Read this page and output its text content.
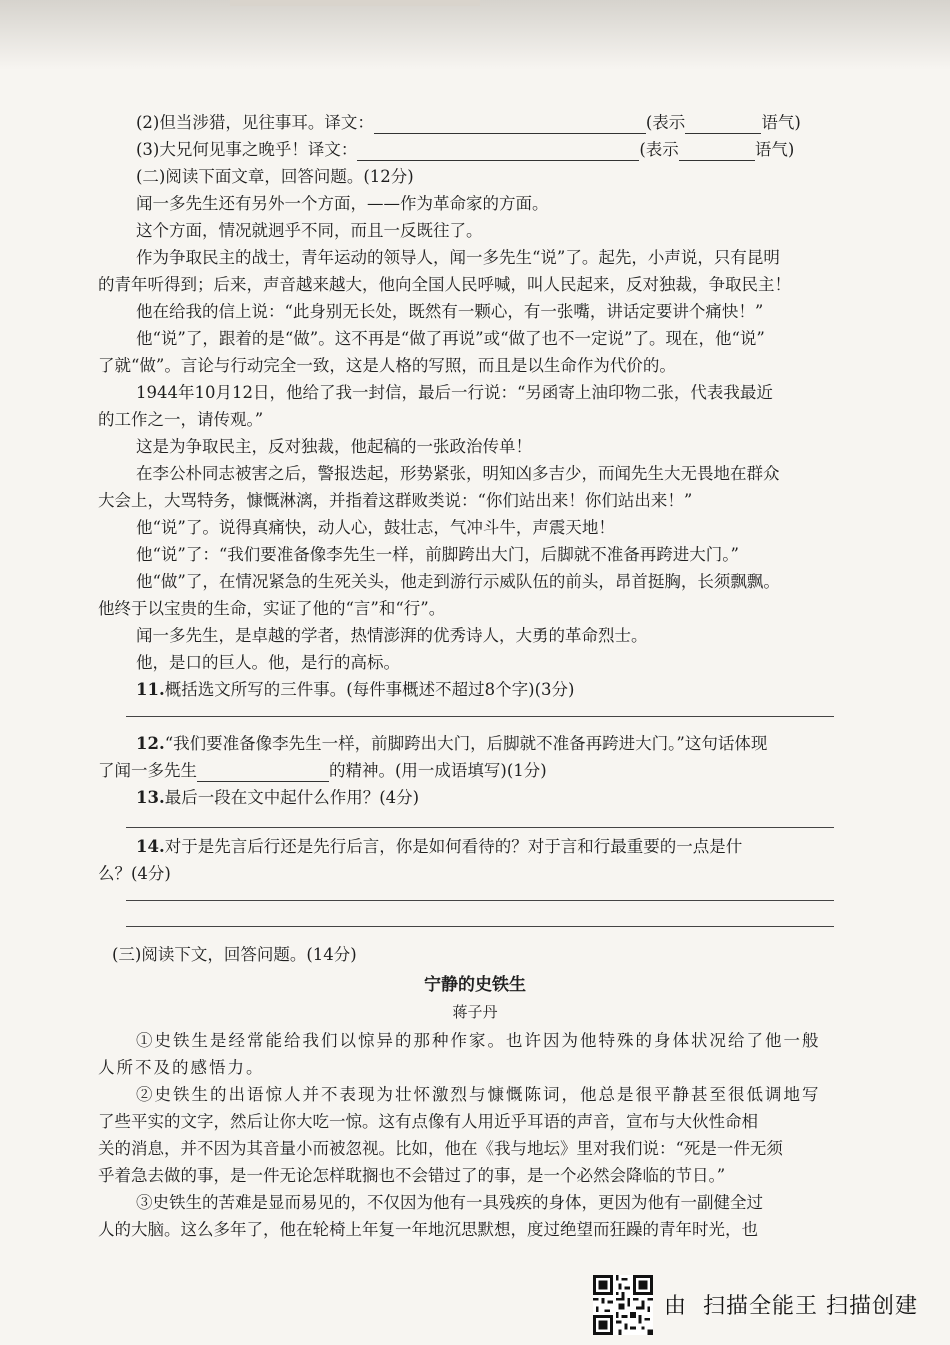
(2)但当涉猎，见往事耳。译文：	(表示	语气)
(3)大兄何见事之晚乎！译文：	(表示	语气)
(二)阅读下面文章，回答问题。(12分)
闻一多先生还有另外一个方面，——作为革命家的方面。
这个方面，情况就迥乎不同，而且一反既往了。
作为争取民主的战士，青年运动的领导人，闻一多先生“说”了。起先，小声说，只有昆明
的青年听得到；后来，声音越来越大，他向全国人民呼喊，叫人民起来，反对独裁，争取民主！
他在给我的信上说：“此身别无长处，既然有一颗心，有一张嘴，讲话定要讲个痛快！”
他“说”了，跟着的是“做”。这不再是“做了再说”或“做了也不一定说”了。现在，他“说”
了就“做”。言论与行动完全一致，这是人格的写照，而且是以生命作为代价的。
1944年10月12日，他给了我一封信，最后一行说：“另函寄上油印物二张，代表我最近
的工作之一，请传观。”
这是为争取民主，反对独裁，他起稿的一张政治传单！
在李公朴同志被害之后，警报迭起，形势紧张，明知凶多吉少，而闻先生大无畏地在群众
大会上，大骂特务，慷慨淋漓，并指着这群败类说：“你们站出来！你们站出来！”
他“说”了。说得真痛快，动人心，鼓壮志，气冲斗牛，声震天地！
他“说”了：“我们要准备像李先生一样，前脚跨出大门，后脚就不准备再跨进大门。”
他“做”了，在情况紧急的生死关头，他走到游行示威队伍的前头，昂首挺胸，长须飘飘。
他终于以宝贵的生命，实证了他的“言”和“行”。
闻一多先生，是卓越的学者，热情澎湃的优秀诗人，大勇的革命烈士。
他，是口的巨人。他，是行的高标。
11.概括选文所写的三件事。(每件事概述不超过8个字)(3分)
12.“我们要准备像李先生一样，前脚跨出大门，后脚就不准备再跨进大门。”这句话体现
了闻一多先生	的精神。(用一成语填写)(1分)
13.最后一段在文中起什么作用？(4分)
14.对于是先言后行还是先行后言，你是如何看待的？对于言和行最重要的一点是什
么？(4分)
(三)阅读下文，回答问题。(14分)
宁静的史铁生
蒋子丹
①史铁生是经常能给我们以惊异的那种作家。也许因为他特殊的身体状况给了他一般
人所不及的感悟力。
②史铁生的出语惊人并不表现为壮怀激烈与慷慨陈词，他总是很平静甚至很低调地写
了些平实的文字，然后让你大吃一惊。这有点像有人用近乎耳语的声音，宣布与大伙性命相
关的消息，并不因为其音量小而被忽视。比如，他在《我与地坛》里对我们说：“死是一件无须
乎着急去做的事，是一件无论怎样耽搁也不会错过了的事，是一个必然会降临的节日。”
③史铁生的苦难是显而易见的，不仅因为他有一具残疾的身体，更因为他有一副健全过
人的大脑。这么多年了，他在轮椅上年复一年地沉思默想，度过绝望而狂躁的青年时光，也
由 扫描全能王 扫描创建
